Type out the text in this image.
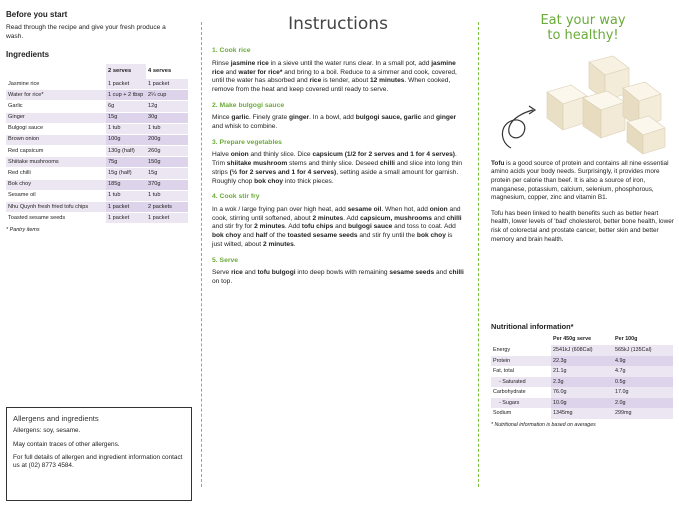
Before you start
Read through the recipe and give your fresh produce a wash.
Ingredients
	2 serves	4 serves
Jasmine rice	1 packet	1 packet
Water for rice*	1 cup + 2 tbsp	2¼ cup
Garlic	6g	12g
Ginger	15g	30g
Bulgogi sauce	1 tub	1 tub
Brown onion	100g	200g
Red capsicum	130g (half)	260g
Shiitake mushrooms	75g	150g
Red chilli	15g (half)	15g
Bok choy	185g	370g
Sesame oil	1 tub	1 tub
Nhu Quynh fresh fried tofu chips	1 packet	2 packets
Toasted sesame seeds	1 packet	1 packet
* Pantry items
Allergens and ingredients
Allergens: soy, sesame.
May contain traces of other allergens.
For full details of allergen and ingredient information contact us at (02) 8773 4584.
Instructions
1. Cook rice

Rinse jasmine rice in a sieve until the water runs clear. In a small pot, add jasmine rice and water for rice* and bring to a boil. Reduce to a simmer and cook, covered, until the water has absorbed and rice is tender, about 12 minutes. When cooked, remove from the heat and keep covered until ready to serve.

2. Make bulgogi sauce

Mince garlic. Finely grate ginger. In a bowl, add bulgogi sauce, garlic and ginger and whisk to combine.

3. Prepare vegetables

Halve onion and thinly slice. Dice capsicum (1/2 for 2 serves and 1 for 4 serves). Trim shiitake mushroom stems and thinly slice. Deseed chilli and slice into long thin strips (½ for 2 serves and 1 for 4 serves), setting aside a small amount for garnish. Roughly chop bok choy into thick pieces.

4. Cook stir fry

In a wok / large frying pan over high heat, add sesame oil. When hot, add onion and cook, stirring until softened, about 2 minutes. Add capsicum, mushrooms and chilli and stir fry for 2 minutes. Add tofu chips and bulgogi sauce and toss to coat. Add bok choy and half of the toasted sesame seeds and stir fry until the bok choy is just wilted, about 2 minutes.

5. Serve

Serve rice and tofu bulgogi into deep bowls with remaining sesame seeds and chilli on top.

Eat your way
to healthy!

Tofu is a good source of protein and contains all nine essential amino acids your body needs. Surprisingly, it provides more protein per calorie than beef. It is also a source of iron, manganese, potassium, calcium, selenium, phosphorous, magnesium, copper, zinc and vitamin B1.

Tofu has been linked to health benefits such as better heart health, lower levels of 'bad' cholesterol, better bone health, lower risk of colorectal and prostate cancer, better skin and better memory and brain health.

Nutritional information*
	Per 450g serve	Per 100g
Energy	2541kJ (608Cal)	565kJ (135Cal)
Protein	22.3g	4.9g
Fat, total	21.1g	4.7g
- Saturated	2.3g	0.5g
Carbohydrate	76.0g	17.0g
- Sugars	10.0g	2.0g
Sodium	1345mg	299mg
* Nutritional information is based on averages
